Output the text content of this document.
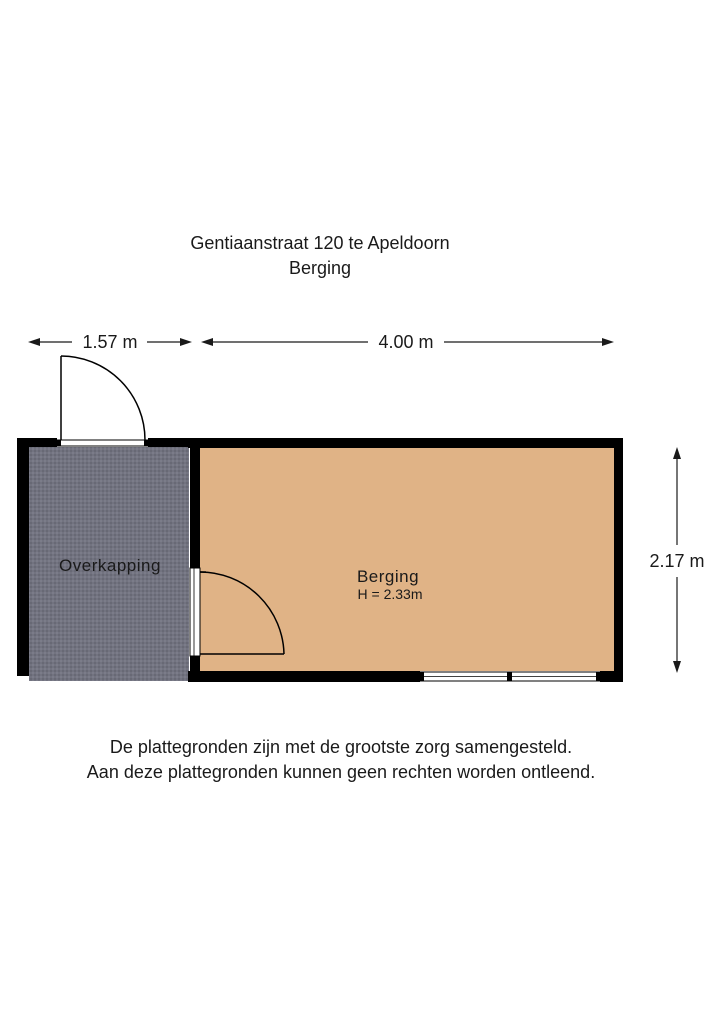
Gentiaanstraat 120 te Apeldoorn
Berging
1.57 m	4.00 m
2.17 m
Overkapping
Berging
H = 2.33m
De plattegronden zijn met de grootste zorg samengesteld.
Aan deze plattegronden kunnen geen rechten worden ontleend.
